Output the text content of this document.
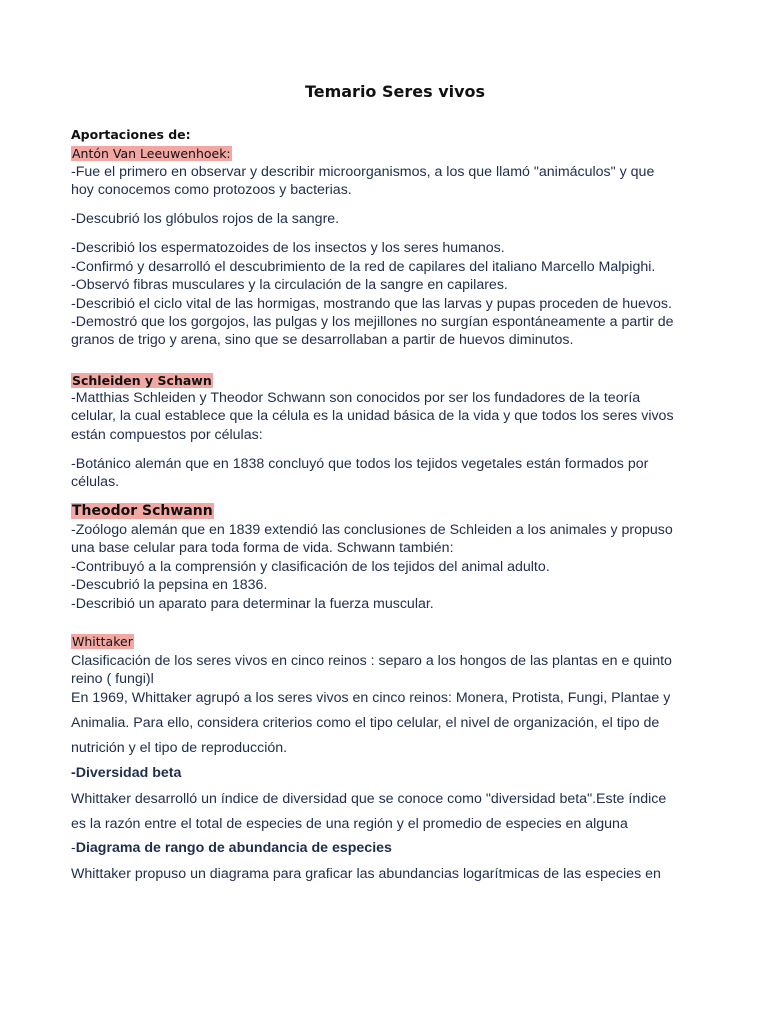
Temario Seres vivos
Aportaciones de:
Antón Van Leeuwenhoek:
-Fue el primero en observar y describir microorganismos, a los que llamó "animáculos" y que
hoy conocemos como protozoos y bacterias.
-Descubrió los glóbulos rojos de la sangre.
-Describió los espermatozoides de los insectos y los seres humanos.
-Confirmó y desarrolló el descubrimiento de la red de capilares del italiano Marcello Malpighi.
-Observó fibras musculares y la circulación de la sangre en capilares.
-Describió el ciclo vital de las hormigas, mostrando que las larvas y pupas proceden de huevos.
-Demostró que los gorgojos, las pulgas y los mejillones no surgían espontáneamente a partir de
granos de trigo y arena, sino que se desarrollaban a partir de huevos diminutos.
Schleiden y Schawn
-Matthias Schleiden y Theodor Schwann son conocidos por ser los fundadores de la teoría
celular, la cual establece que la célula es la unidad básica de la vida y que todos los seres vivos
están compuestos por células:
-Botánico alemán que en 1838 concluyó que todos los tejidos vegetales están formados por
células.
Theodor Schwann
-Zoólogo alemán que en 1839 extendió las conclusiones de Schleiden a los animales y propuso
una base celular para toda forma de vida. Schwann también:
-Contribuyó a la comprensión y clasificación de los tejidos del animal adulto.
-Descubrió la pepsina en 1836.
-Describió un aparato para determinar la fuerza muscular.
Whittaker
Clasificación de los seres vivos en cinco reinos : separo a los hongos de las plantas en e quinto
reino ( fungi)l
En 1969, Whittaker agrupó a los seres vivos en cinco reinos: Monera, Protista, Fungi, Plantae y
Animalia. Para ello, considera criterios como el tipo celular, el nivel de organización, el tipo de
nutrición y el tipo de reproducción.
-Diversidad beta
Whittaker desarrolló un índice de diversidad que se conoce como "diversidad beta".Este índice
es la razón entre el total de especies de una región y el promedio de especies en alguna
-Diagrama de rango de abundancia de especies
Whittaker propuso un diagrama para graficar las abundancias logarítmicas de las especies en
